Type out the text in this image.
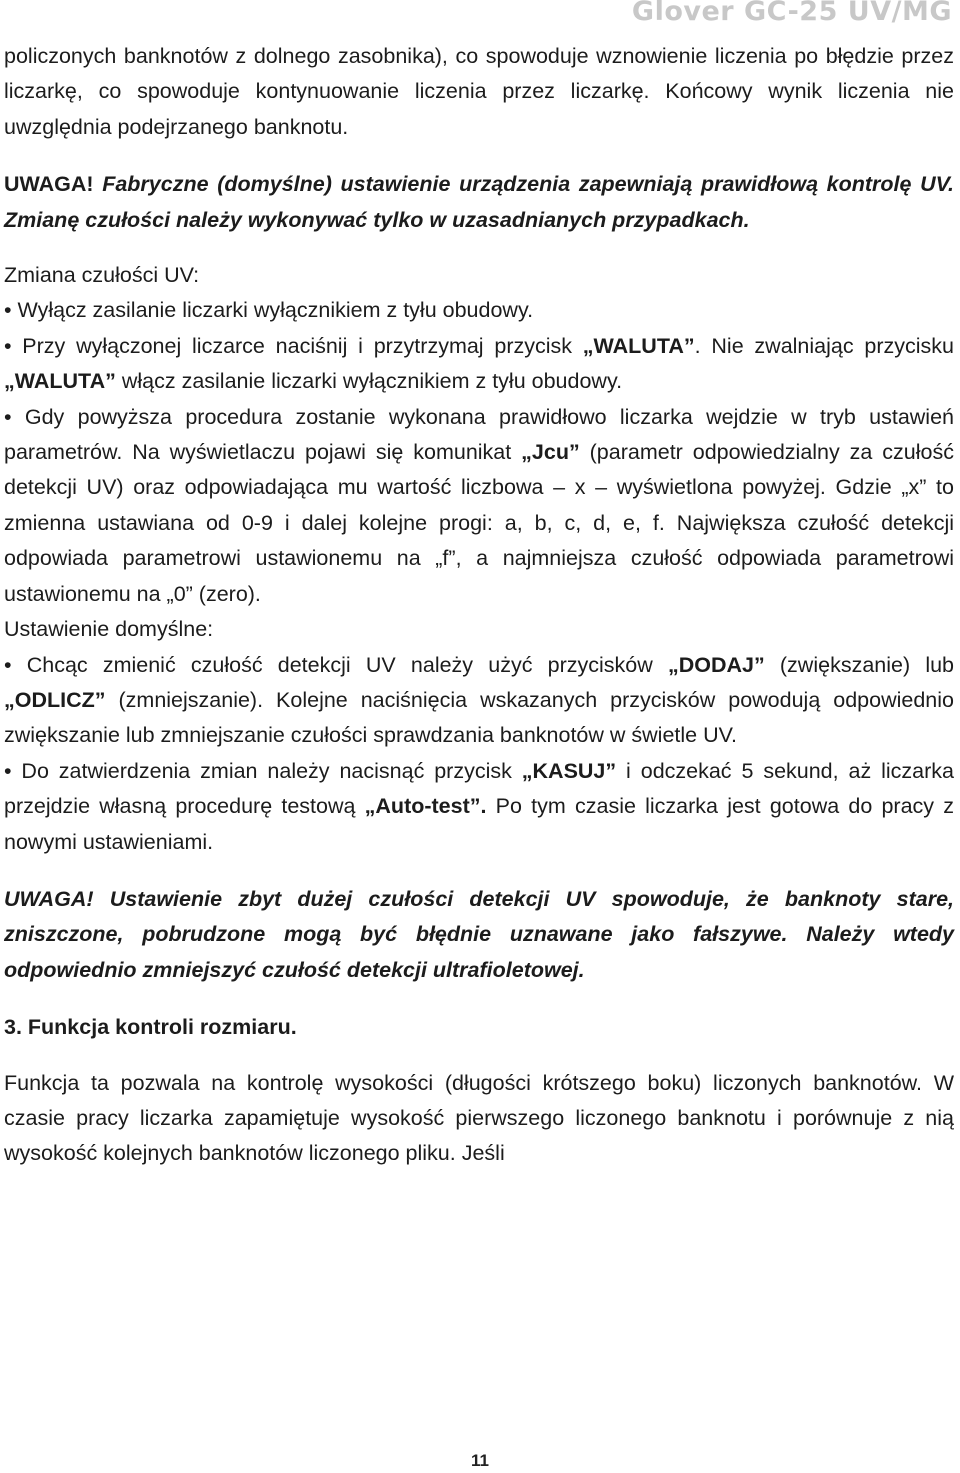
Glover GC-25 UV/MG

policzonych banknotów z dolnego zasobnika), co spowoduje wznowienie liczenia po błędzie przez liczarkę, co spowoduje kontynuowanie liczenia przez liczarkę. Końcowy wynik liczenia nie uwzględnia podejrzanego banknotu.

UWAGA! Fabryczne (domyślne) ustawienie urządzenia zapewniają prawidłową kontrolę UV. Zmianę czułości należy wykonywać tylko w uzasadnianych przypadkach.

Zmiana czułości UV:

• Wyłącz zasilanie liczarki wyłącznikiem z tyłu obudowy.

• Przy wyłączonej liczarce naciśnij i przytrzymaj przycisk „WALUTA”. Nie zwalniając przycisku „WALUTA” włącz zasilanie liczarki wyłącznikiem z tyłu obudowy.

• Gdy powyższa procedura zostanie wykonana prawidłowo liczarka wejdzie w tryb ustawień parametrów. Na wyświetlaczu pojawi się komunikat „Jcu” (parametr odpowiedzialny za czułość detekcji UV) oraz odpowiadająca mu wartość liczbowa – x – wyświetlona powyżej. Gdzie „x” to zmienna ustawiana od 0-9 i dalej kolejne progi: a, b, c, d, e, f. Największa czułość detekcji odpowiada parametrowi ustawionemu na „f”, a najmniejsza czułość odpowiada parametrowi ustawionemu na „0” (zero).

Ustawienie domyślne:

• Chcąc zmienić czułość detekcji UV należy użyć przycisków „DODAJ” (zwiększanie) lub „ODLICZ” (zmniejszanie). Kolejne naciśnięcia wskazanych przycisków powodują odpowiednio zwiększanie lub zmniejszanie czułości sprawdzania banknotów w świetle UV.

• Do zatwierdzenia zmian należy nacisnąć przycisk „KASUJ” i odczekać 5 sekund, aż liczarka przejdzie własną procedurę testową „Auto-test”. Po tym czasie liczarka jest gotowa do pracy z nowymi ustawieniami.

UWAGA! Ustawienie zbyt dużej czułości detekcji UV spowoduje, że banknoty stare, zniszczone, pobrudzone mogą być błędnie uznawane jako fałszywe. Należy wtedy odpowiednio zmniejszyć czułość detekcji ultrafioletowej.

3. Funkcja kontroli rozmiaru.

Funkcja ta pozwala na kontrolę wysokości (długości krótszego boku) liczonych banknotów. W czasie pracy liczarka zapamiętuje wysokość pierwszego liczonego banknotu i porównuje z nią wysokość kolejnych banknotów liczonego pliku. Jeśli

11
